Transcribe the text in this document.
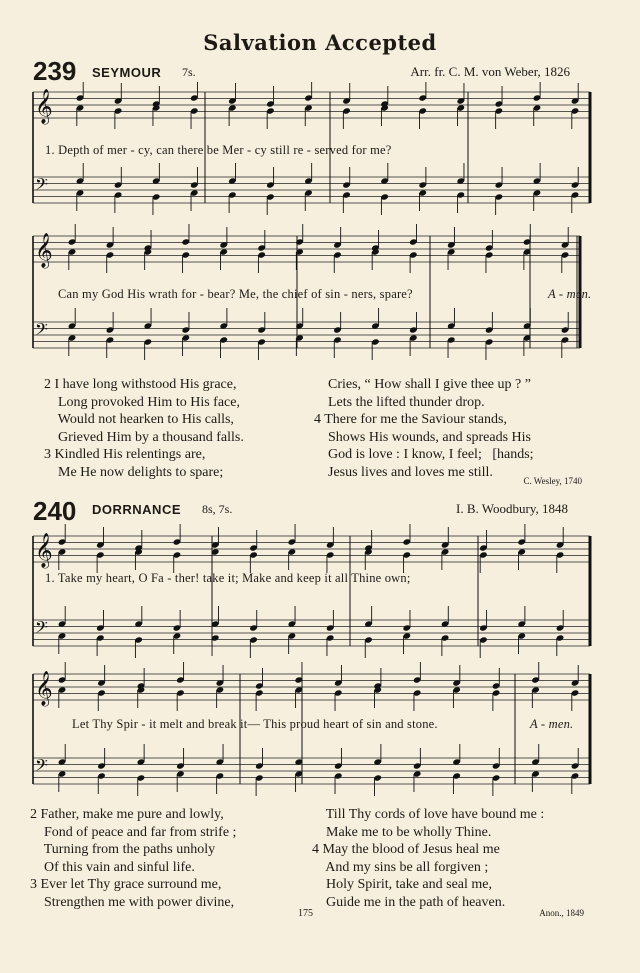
Salvation Accepted
239 SEYMOUR 7s.	Arr. fr. C. M. von Weber, 1826
𝄞
𝄢
1. Depth of mer - cy, can there be Mer - cy still re - served for me?
𝄞
𝄢
Can my God His wrath for - bear? Me, the chief of sin - ners, spare?	A - men.
2 I have long withstood His grace,
Long provoked Him to His face,
Would not hearken to His calls,
Grieved Him by a thousand falls.
3 Kindled His relentings are,
Me He now delights to spare;
Cries, “ How shall I give thee up ? ”
Lets the lifted thunder drop.
4 There for me the Saviour stands,
Shows His wounds, and spreads His
God is love : I know, I feel;   [hands;
Jesus lives and loves me still.
C. Wesley, 1740
240 DORRNANCE 8s, 7s.	I. B. Woodbury, 1848
𝄞
𝄢
1. Take my heart, O Fa - ther! take it; Make and keep it all Thine own;
𝄞
𝄢
Let Thy Spir - it melt and break it— This proud heart of sin and stone.	A - men.
2 Father, make me pure and lowly,
Fond of peace and far from strife ;
Turning from the paths unholy
Of this vain and sinful life.
3 Ever let Thy grace surround me,
Strengthen me with power divine,
Till Thy cords of love have bound me :
Make me to be wholly Thine.
4 May the blood of Jesus heal me
And my sins be all forgiven ;
Holy Spirit, take and seal me,
Guide me in the path of heaven.
175	Anon., 1849
